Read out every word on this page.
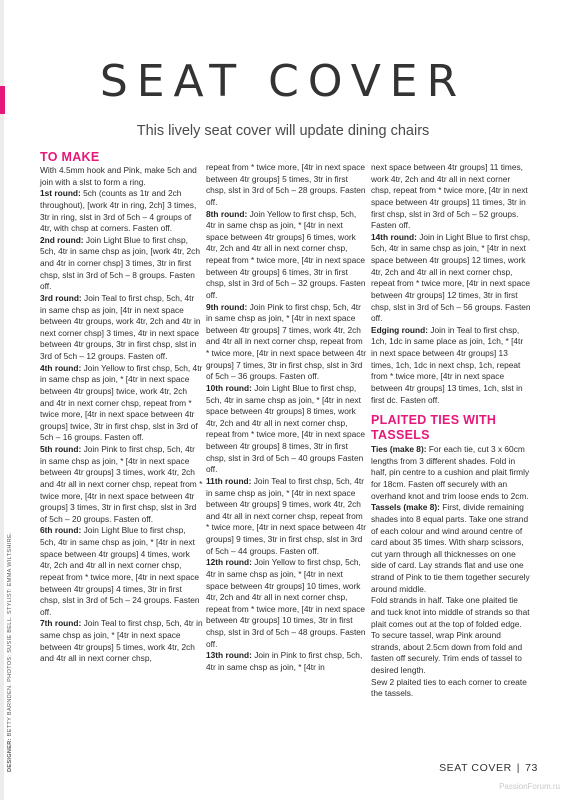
SEAT COVER
This lively seat cover will update dining chairs
DESIGNER: BETTY BARNDEN. PHOTOS: SUSIE BELL. STYLIST: EMMA WILTSHIRE.
TO MAKE

With 4.5mm hook and Pink, make 5ch and join with a slst to form a ring.

1st round: 5ch (counts as 1tr and 2ch throughout), [work 4tr in ring, 2ch] 3 times, 3tr in ring, slst in 3rd of 5ch – 4 groups of 4tr, with chsp at corners. Fasten off.

2nd round: Join Light Blue to first chsp, 5ch, 4tr in same chsp as join, [work 4tr, 2ch and 4tr in corner chsp] 3 times, 3tr in first chsp, slst in 3rd of 5ch – 8 groups. Fasten off.

3rd round: Join Teal to first chsp, 5ch, 4tr in same chsp as join, [4tr in next space between 4tr groups, work 4tr, 2ch and 4tr in next corner chsp] 3 times, 4tr in next space between 4tr groups, 3tr in first chsp, slst in 3rd of 5ch – 12 groups. Fasten off.

4th round: Join Yellow to first chsp, 5ch, 4tr in same chsp as join, * [4tr in next space between 4tr groups] twice, work 4tr, 2ch and 4tr in next corner chsp, repeat from * twice more, [4tr in next space between 4tr groups] twice, 3tr in first chsp, slst in 3rd of 5ch – 16 groups. Fasten off.

5th round: Join Pink to first chsp, 5ch, 4tr in same chsp as join, * [4tr in next space between 4tr groups] 3 times, work 4tr, 2ch and 4tr all in next corner chsp, repeat from * twice more, [4tr in next space between 4tr groups] 3 times, 3tr in first chsp, slst in 3rd of 5ch – 20 groups. Fasten off.

6th round: Join Light Blue to first chsp, 5ch, 4tr in same chsp as join, * [4tr in next space between 4tr groups] 4 times, work 4tr, 2ch and 4tr all in next corner chsp, repeat from * twice more, [4tr in next space between 4tr groups] 4 times, 3tr in first chsp, slst in 3rd of 5ch – 24 groups. Fasten off.

7th round: Join Teal to first chsp, 5ch, 4tr in same chsp as join, * [4tr in next space between 4tr groups] 5 times, work 4tr, 2ch and 4tr all in next corner chsp,

repeat from * twice more, [4tr in next space between 4tr groups] 5 times, 3tr in first chsp, slst in 3rd of 5ch – 28 groups. Fasten off.

8th round: Join Yellow to first chsp, 5ch, 4tr in same chsp as join, * [4tr in next space between 4tr groups] 6 times, work 4tr, 2ch and 4tr all in next corner chsp, repeat from * twice more, [4tr in next space between 4tr groups] 6 times, 3tr in first chsp, slst in 3rd of 5ch – 32 groups. Fasten off.

9th round: Join Pink to first chsp, 5ch, 4tr in same chsp as join, * [4tr in next space between 4tr groups] 7 times, work 4tr, 2ch and 4tr all in next corner chsp, repeat from * twice more, [4tr in next space between 4tr groups] 7 times, 3tr in first chsp, slst in 3rd of 5ch – 36 groups. Fasten off.

10th round: Join Light Blue to first chsp, 5ch, 4tr in same chsp as join, * [4tr in next space between 4tr groups] 8 times, work 4tr, 2ch and 4tr all in next corner chsp, repeat from * twice more, [4tr in next space between 4tr groups] 8 times, 3tr in first chsp, slst in 3rd of 5ch – 40 groups Fasten off.

11th round: Join Teal to first chsp, 5ch, 4tr in same chsp as join, * [4tr in next space between 4tr groups] 9 times, work 4tr, 2ch and 4tr all in next corner chsp, repeat from * twice more, [4tr in next space between 4tr groups] 9 times, 3tr in first chsp, slst in 3rd of 5ch – 44 groups. Fasten off.

12th round: Join Yellow to first chsp, 5ch, 4tr in same chsp as join, * [4tr in next space between 4tr groups] 10 times, work 4tr, 2ch and 4tr all in next corner chsp, repeat from * twice more, [4tr in next space between 4tr groups] 10 times, 3tr in first chsp, slst in 3rd of 5ch – 48 groups. Fasten off.

13th round: Join in Pink to first chsp, 5ch, 4tr in same chsp as join, * [4tr in

next space between 4tr groups] 11 times, work 4tr, 2ch and 4tr all in next corner chsp, repeat from * twice more, [4tr in next space between 4tr groups] 11 times, 3tr in first chsp, slst in 3rd of 5ch – 52 groups. Fasten off.

14th round: Join in Light Blue to first chsp, 5ch, 4tr in same chsp as join, * [4tr in next space between 4tr groups] 12 times, work 4tr, 2ch and 4tr all in next corner chsp, repeat from * twice more, [4tr in next space between 4tr groups] 12 times, 3tr in first chsp, slst in 3rd of 5ch – 56 groups. Fasten off.

Edging round: Join in Teal to first chsp, 1ch, 1dc in same place as join, 1ch, * [4tr in next space between 4tr groups] 13 times, 1ch, 1dc in next chsp, 1ch, repeat from * twice more, [4tr in next space between 4tr groups] 13 times, 1ch, slst in first dc. Fasten off.

PLAITED TIES WITH TASSELS

Ties (make 8): For each tie, cut 3 x 60cm lengths from 3 different shades. Fold in half, pin centre to a cushion and plait firmly for 18cm. Fasten off securely with an overhand knot and trim loose ends to 2cm.

Tassels (make 8): First, divide remaining shades into 8 equal parts. Take one strand of each colour and wind around centre of card about 35 times. With sharp scissors, cut yarn through all thicknesses on one side of card. Lay strands flat and use one strand of Pink to tie them together securely around middle.

Fold strands in half. Take one plaited tie and tuck knot into middle of strands so that plait comes out at the top of folded edge. To secure tassel, wrap Pink around strands, about 2.5cm down from fold and fasten off securely. Trim ends of tassel to desired length.

Sew 2 plaited ties to each corner to create the tassels.

SEAT COVER | 73
PassionForum.ru
